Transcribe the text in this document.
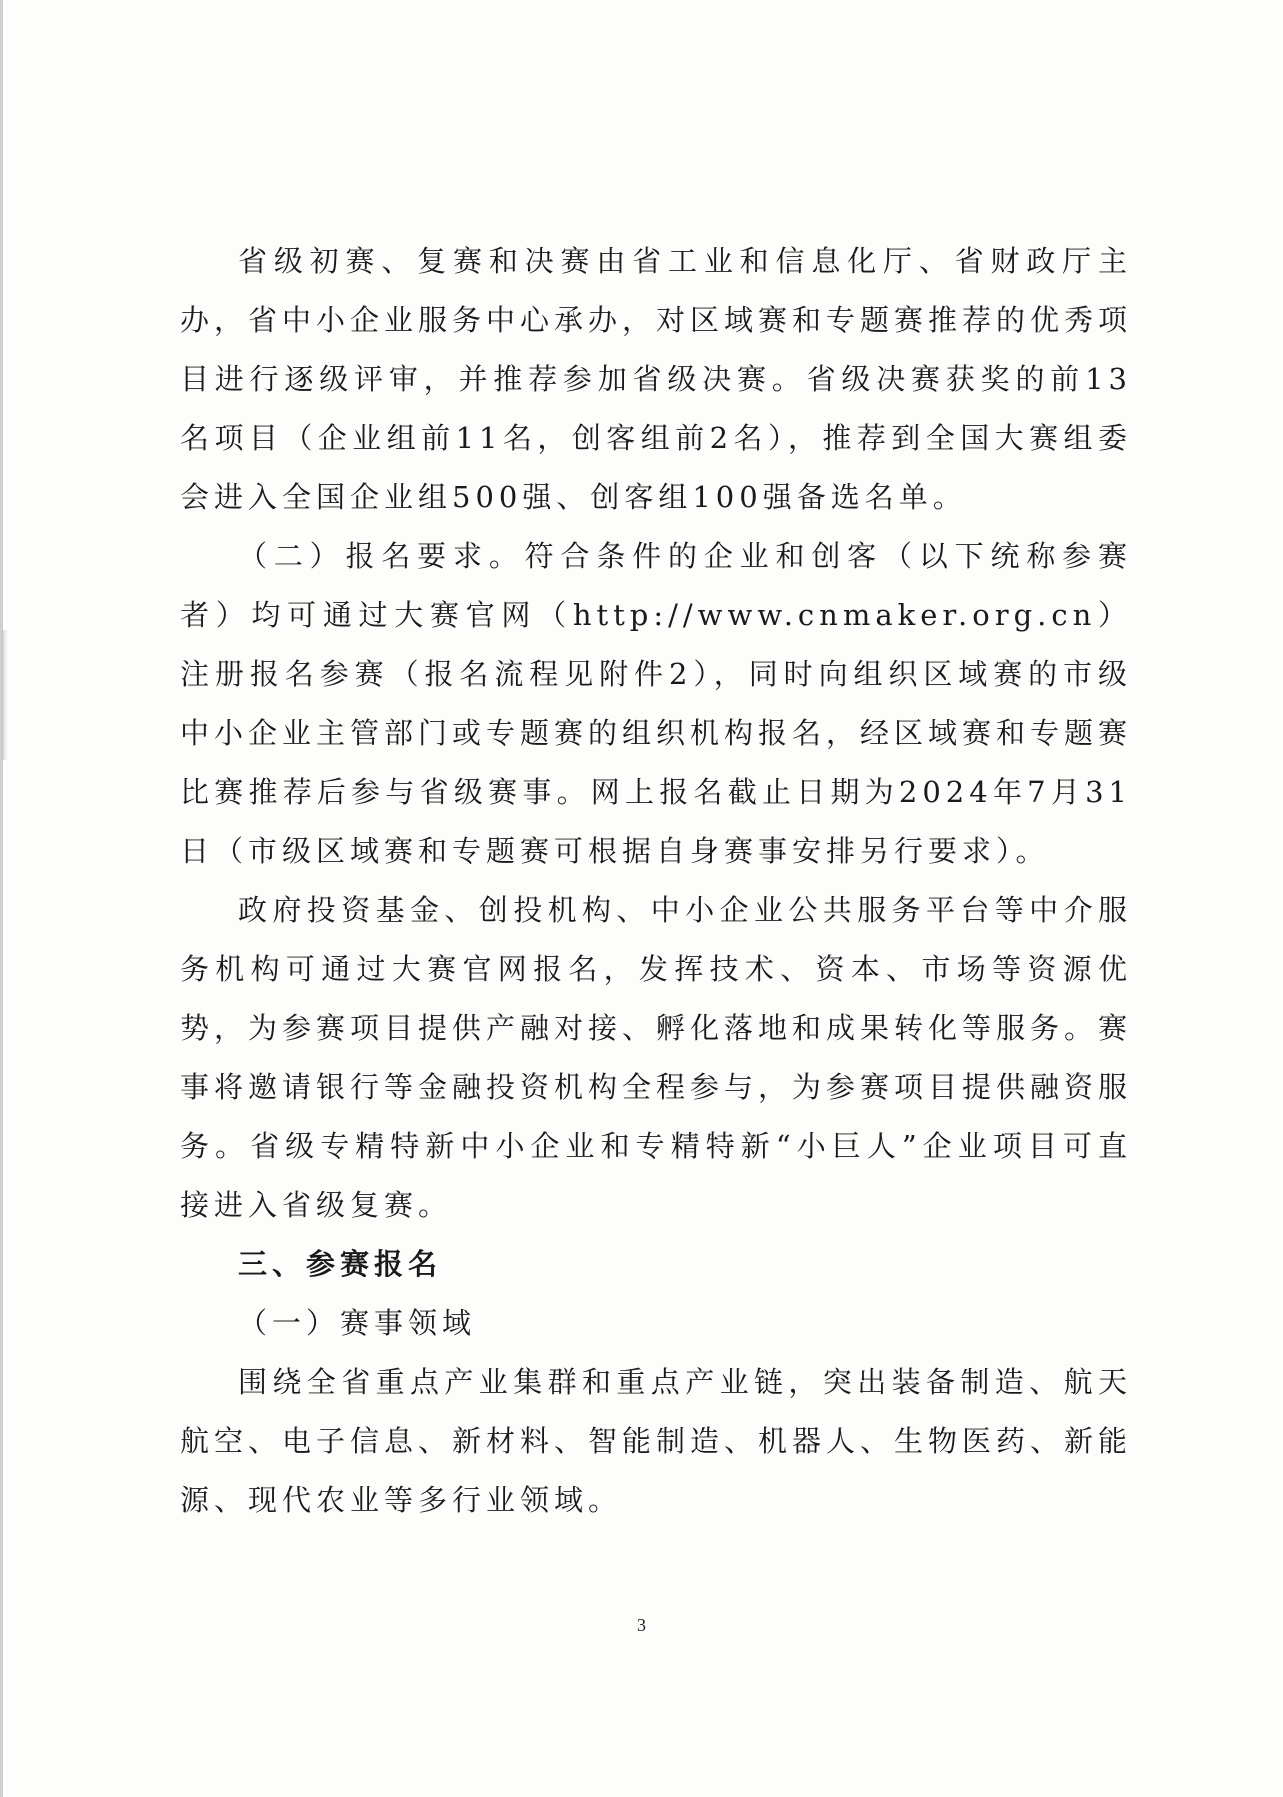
省级初赛、复赛和决赛由省工业和信息化厅、省财政厅主办，省中小企业服务中心承办，对区域赛和专题赛推荐的优秀项目进行逐级评审，并推荐参加省级决赛。省级决赛获奖的前13名项目（企业组前11名，创客组前2名），推荐到全国大赛组委会进入全国企业组500强、创客组100强备选名单。

（二）报名要求。符合条件的企业和创客（以下统称参赛者）均可通过大赛官网（http://www.cnmaker.org.cn）注册报名参赛（报名流程见附件2），同时向组织区域赛的市级中小企业主管部门或专题赛的组织机构报名，经区域赛和专题赛比赛推荐后参与省级赛事。网上报名截止日期为2024年7月31日（市级区域赛和专题赛可根据自身赛事安排另行要求）。

政府投资基金、创投机构、中小企业公共服务平台等中介服务机构可通过大赛官网报名，发挥技术、资本、市场等资源优势，为参赛项目提供产融对接、孵化落地和成果转化等服务。赛事将邀请银行等金融投资机构全程参与，为参赛项目提供融资服务。省级专精特新中小企业和专精特新“小巨人”企业项目可直接进入省级复赛。

三、参赛报名

（一）赛事领域

围绕全省重点产业集群和重点产业链，突出装备制造、航天航空、电子信息、新材料、智能制造、机器人、生物医药、新能源、现代农业等多行业领域。

3
